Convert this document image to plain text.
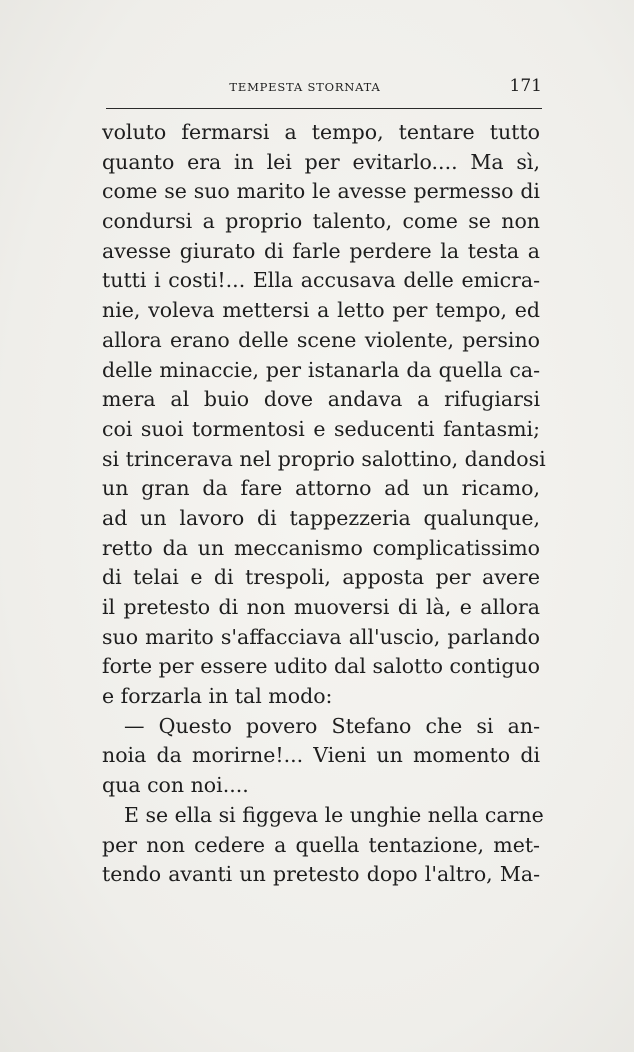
TEMPESTA STORNATA	171
voluto fermarsi a tempo, tentare tutto
quanto era in lei per evitarlo.... Ma sì,
come se suo marito le avesse permesso di
condursi a proprio talento, come se non
avesse giurato di farle perdere la testa a
tutti i costi!... Ella accusava delle emicra-
nie, voleva mettersi a letto per tempo, ed
allora erano delle scene violente, persino
delle minaccie, per istanarla da quella ca-
mera al buio dove andava a rifugiarsi
coi suoi tormentosi e seducenti fantasmi;
si trincerava nel proprio salottino, dandosi
un gran da fare attorno ad un ricamo,
ad un lavoro di tappezzeria qualunque,
retto da un meccanismo complicatissimo
di telai e di trespoli, apposta per avere
il pretesto di non muoversi di là, e allora
suo marito s'affacciava all'uscio, parlando
forte per essere udito dal salotto contiguo
e forzarla in tal modo:
— Questo povero Stefano che si an-
noia da morirne!... Vieni un momento di
qua con noi....
E se ella si figgeva le unghie nella carne
per non cedere a quella tentazione, met-
tendo avanti un pretesto dopo l'altro, Ma-
